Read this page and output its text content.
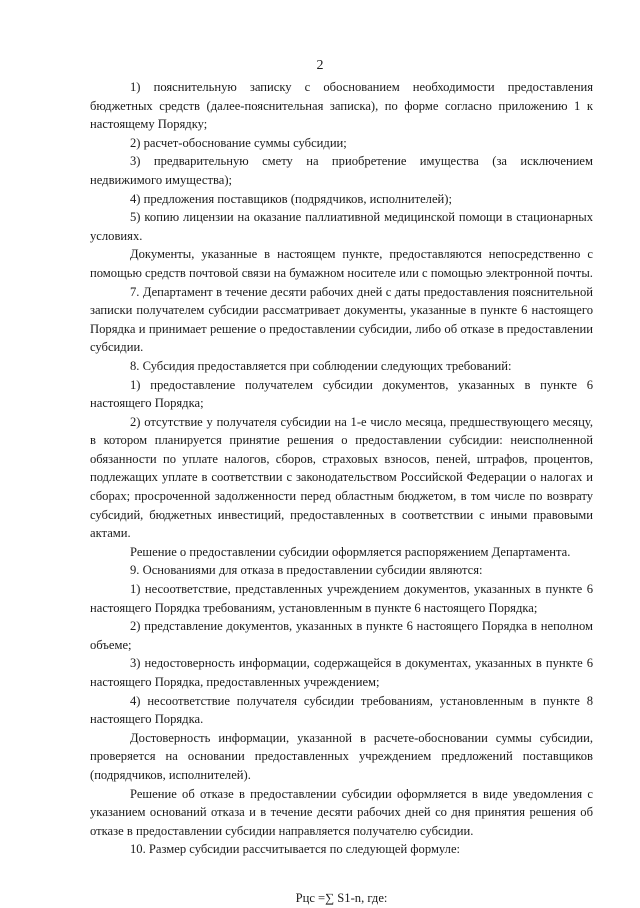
2

1) пояснительную записку с обоснованием необходимости предоставления бюджетных средств (далее-пояснительная записка), по форме согласно приложению 1 к настоящему Порядку;

2) расчет-обоснование суммы субсидии;

3) предварительную смету на приобретение имущества (за исключением недвижимого имущества);

4) предложения поставщиков (подрядчиков, исполнителей);

5) копию лицензии на оказание паллиативной медицинской помощи в стационарных условиях.

Документы, указанные в настоящем пункте, предоставляются непосредственно с помощью средств почтовой связи на бумажном носителе или с помощью электронной почты.

7. Департамент в течение десяти рабочих дней с даты предоставления пояснительной записки получателем субсидии рассматривает документы, указанные в пункте 6 настоящего Порядка и принимает решение о предоставлении субсидии, либо об отказе в предоставлении субсидии.

8. Субсидия предоставляется при соблюдении следующих требований:

1) предоставление получателем субсидии документов, указанных в пункте 6 настоящего Порядка;

2) отсутствие у получателя субсидии на 1-е число месяца, предшествующего месяцу, в котором планируется принятие решения о предоставлении субсидии: неисполненной обязанности по уплате налогов, сборов, страховых взносов, пеней, штрафов, процентов, подлежащих уплате в соответствии с законодательством Российской Федерации о налогах и сборах; просроченной задолженности перед областным бюджетом, в том числе по возврату субсидий, бюджетных инвестиций, предоставленных в соответствии с иными правовыми актами.

Решение о предоставлении субсидии оформляется распоряжением Департамента.

9. Основаниями для отказа в предоставлении субсидии являются:

1) несоответствие, представленных учреждением документов, указанных в пункте 6 настоящего Порядка требованиям, установленным в пункте 6 настоящего Порядка;

2) представление документов, указанных в пункте 6 настоящего Порядка в неполном объеме;

3) недостоверность информации, содержащейся в документах, указанных в пункте 6 настоящего Порядка, предоставленных учреждением;

4) несоответствие получателя субсидии требованиям, установленным в пункте 8 настоящего Порядка.

Достоверность информации, указанной в расчете-обосновании суммы субсидии, проверяется на основании предоставленных учреждением предложений поставщиков (подрядчиков, исполнителей).

Решение об отказе в предоставлении субсидии оформляется в виде уведомления с указанием оснований отказа и в течение десяти рабочих дней со дня принятия решения об отказе в предоставлении субсидии направляется получателю субсидии.

10. Размер субсидии рассчитывается по следующей формуле:

Рцс =∑ S1-n, где:
